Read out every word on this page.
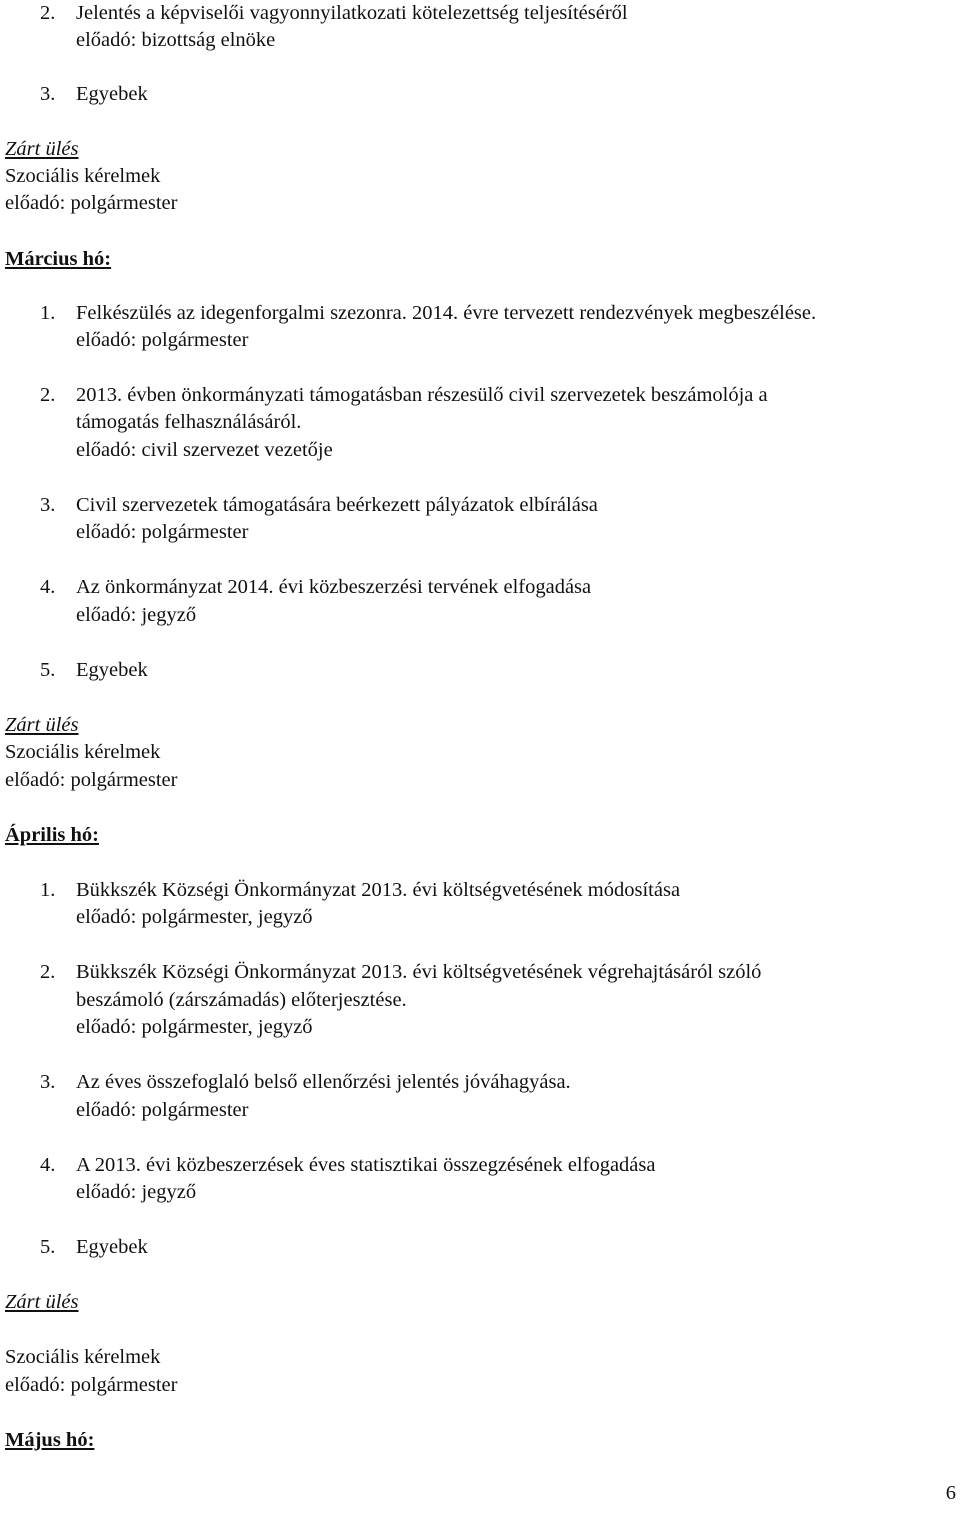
2. Jelentés a képviselői vagyonnyilatkozati kötelezettség teljesítéséről
előadó: bizottság elnöke
3. Egyebek
Zárt ülés
Szociális kérelmek
előadó: polgármester
Március hó:
1. Felkészülés az idegenforgalmi szezonra. 2014. évre tervezett rendezvények megbeszélése.
előadó: polgármester
2. 2013. évben önkormányzati támogatásban részesülő civil szervezetek beszámolója a
támogatás felhasználásáról.
előadó: civil szervezet vezetője
3. Civil szervezetek támogatására beérkezett pályázatok elbírálása
előadó: polgármester
4. Az önkormányzat 2014. évi közbeszerzési tervének elfogadása
előadó: jegyző
5. Egyebek
Zárt ülés
Szociális kérelmek
előadó: polgármester
Április hó:
1. Bükkszék Községi Önkormányzat 2013. évi költségvetésének módosítása
előadó: polgármester, jegyző
2. Bükkszék Községi Önkormányzat 2013. évi költségvetésének végrehajtásáról szóló
beszámoló (zárszámadás) előterjesztése.
előadó: polgármester, jegyző
3. Az éves összefoglaló belső ellenőrzési jelentés jóváhagyása.
előadó: polgármester
4. A 2013. évi közbeszerzések éves statisztikai összegzésének elfogadása
előadó: jegyző
5. Egyebek
Zárt ülés
Szociális kérelmek
előadó: polgármester
Május hó:
6
